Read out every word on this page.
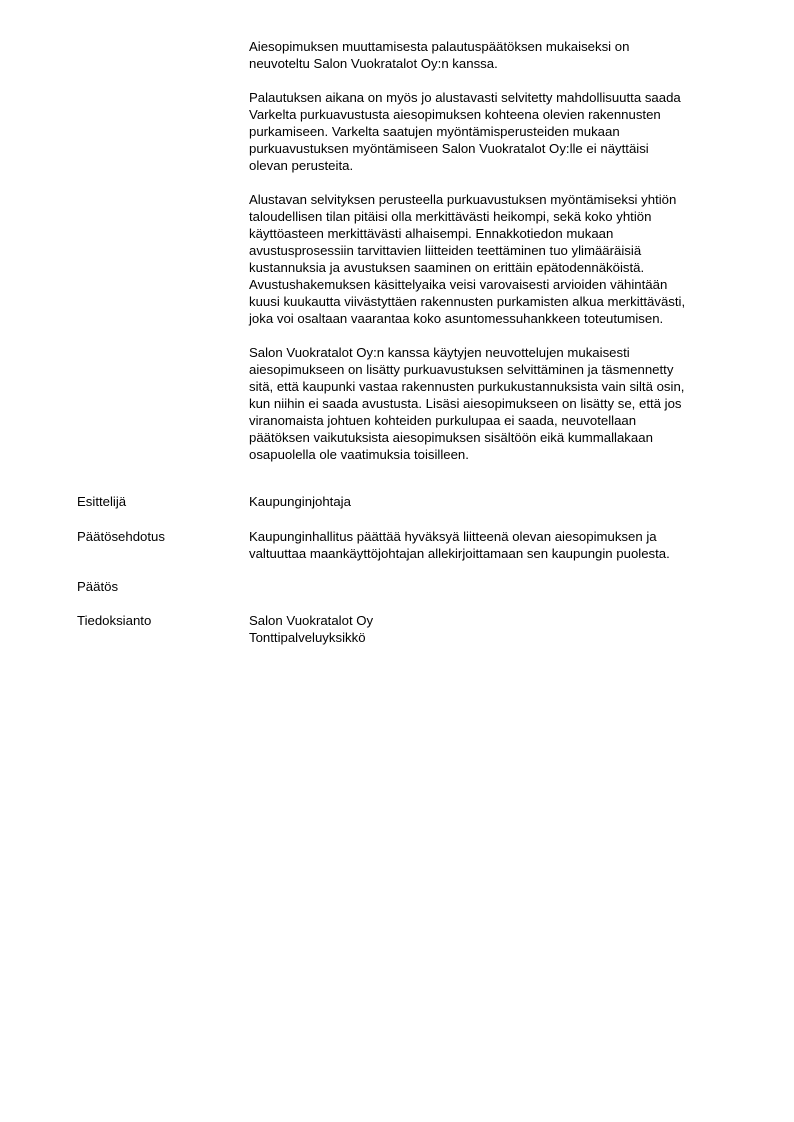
Aiesopimuksen muuttamisesta palautuspäätöksen mukaiseksi on
neuvoteltu Salon Vuokratalot Oy:n kanssa.

Palautuksen aikana on myös jo alustavasti selvitetty mahdollisuutta saada
Varkelta purkuavustusta aiesopimuksen kohteena olevien rakennusten
purkamiseen. Varkelta saatujen myöntämisperusteiden mukaan
purkuavustuksen myöntämiseen Salon Vuokratalot Oy:lle ei näyttäisi
olevan perusteita.

Alustavan selvityksen perusteella purkuavustuksen myöntämiseksi yhtiön
taloudellisen tilan pitäisi olla merkittävästi heikompi, sekä koko yhtiön
käyttöasteen merkittävästi alhaisempi. Ennakkotiedon mukaan
avustusprosessiin tarvittavien liitteiden teettäminen tuo ylimääräisiä
kustannuksia ja avustuksen saaminen on erittäin epätodennäköistä.
Avustushakemuksen käsittelyaika veisi varovaisesti arvioiden vähintään
kuusi kuukautta viivästyttäen rakennusten purkamisten alkua merkittävästi,
joka voi osaltaan vaarantaa koko asuntomessuhankkeen toteutumisen.

Salon Vuokratalot Oy:n kanssa käytyjen neuvottelujen mukaisesti
aiesopimukseen on lisätty purkuavustuksen selvittäminen ja täsmennetty
sitä, että kaupunki vastaa rakennusten purkukustannuksista vain siltä osin,
kun niihin ei saada avustusta. Lisäsi aiesopimukseen on lisätty se, että jos
viranomaista johtuen kohteiden purkulupaa ei saada, neuvotellaan
päätöksen vaikutuksista aiesopimuksen sisältöön eikä kummallakaan
osapuolella ole vaatimuksia toisilleen.

Esittelijä	Kaupunginjohtaja
Päätösehdotus	Kaupunginhallitus päättää hyväksyä liitteenä olevan aiesopimuksen ja
valtuuttaa maankäyttöjohtajan allekirjoittamaan sen kaupungin puolesta.
Päätös
Tiedoksianto	Salon Vuokratalot Oy
Tonttipalveluyksikkö
